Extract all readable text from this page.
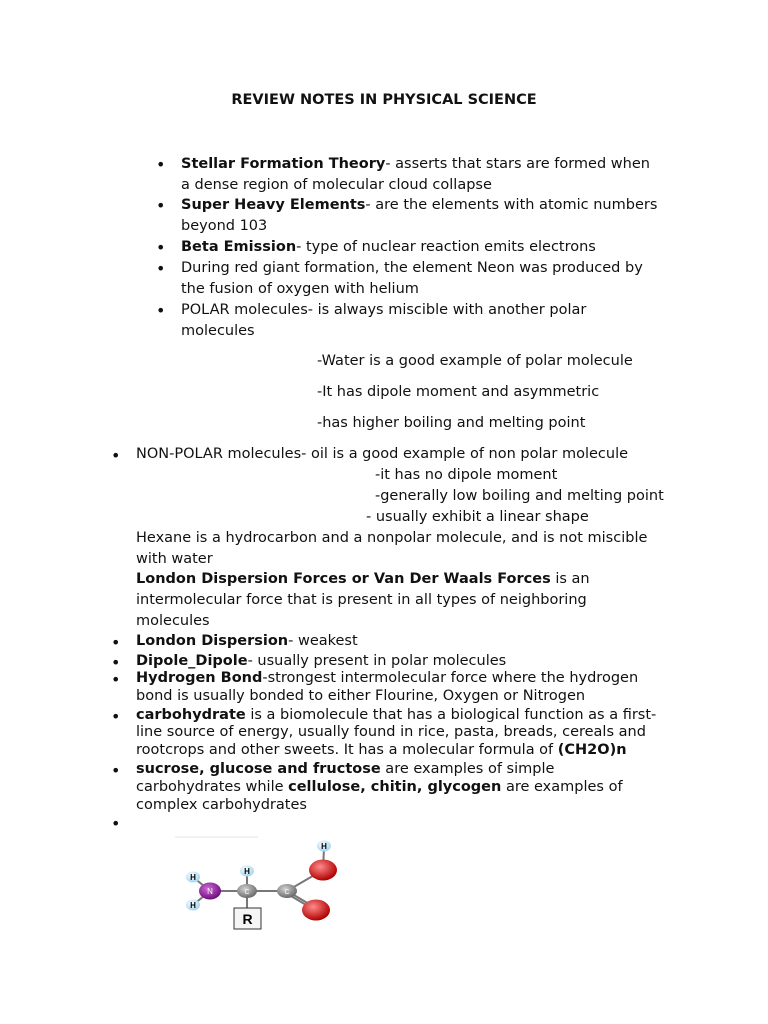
REVIEW NOTES IN PHYSICAL SCIENCE
• Stellar Formation Theory- asserts that stars are formed when
a dense region of molecular cloud collapse
• Super Heavy Elements- are the elements with atomic numbers
beyond 103
• Beta Emission- type of nuclear reaction emits electrons
• During red giant formation, the element Neon was produced by
the fusion of oxygen with helium
• POLAR molecules- is always miscible with another polar
molecules
-Water is a good example of polar molecule
-It has dipole moment and asymmetric
-has higher boiling and melting point
• NON-POLAR molecules- oil is a good example of non polar molecule
-it has no dipole moment
-generally low boiling and melting point
- usually exhibit a linear shape
Hexane is a hydrocarbon and a nonpolar molecule, and is not miscible
with water
London Dispersion Forces or Van Der Waals Forces is an
intermolecular force that is present in all types of neighboring
molecules
• London Dispersion- weakest
• Dipole_Dipole- usually present in polar molecules
• Hydrogen Bond-strongest intermolecular force where the hydrogen
bond is usually bonded to either Flourine, Oxygen or Nitrogen
• carbohydrate is a biomolecule that has a biological function as a first-
line source of energy, usually found in rice, pasta, breads, cereals and
rootcrops and other sweets. It has a molecular formula of (CH2O)n
• sucrose, glucose and fructose are examples of simple
carbohydrates while cellulose, chitin, glycogen are examples of
complex carbohydrates
•
H
H
H
H
N	C	C
R
